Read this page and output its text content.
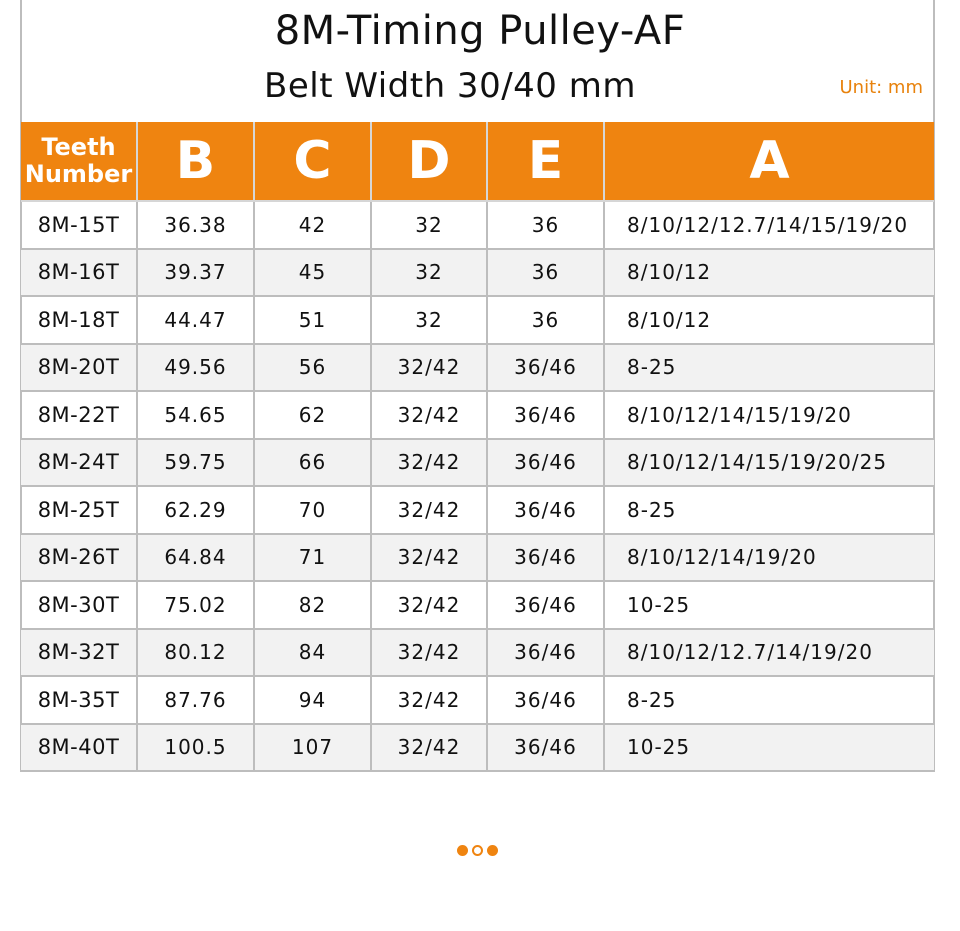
8M-Timing Pulley-AF
Belt Width 30/40 mm	Unit: mm
Teeth
Number	B	C	D	E	A
8M-15T	36.38	42	32	36	8/10/12/12.7/14/15/19/20
8M-16T	39.37	45	32	36	8/10/12
8M-18T	44.47	51	32	36	8/10/12
8M-20T	49.56	56	32/42	36/46	8-25
8M-22T	54.65	62	32/42	36/46	8/10/12/14/15/19/20
8M-24T	59.75	66	32/42	36/46	8/10/12/14/15/19/20/25
8M-25T	62.29	70	32/42	36/46	8-25
8M-26T	64.84	71	32/42	36/46	8/10/12/14/19/20
8M-30T	75.02	82	32/42	36/46	10-25
8M-32T	80.12	84	32/42	36/46	8/10/12/12.7/14/19/20
8M-35T	87.76	94	32/42	36/46	8-25
8M-40T	100.5	107	32/42	36/46	10-25
